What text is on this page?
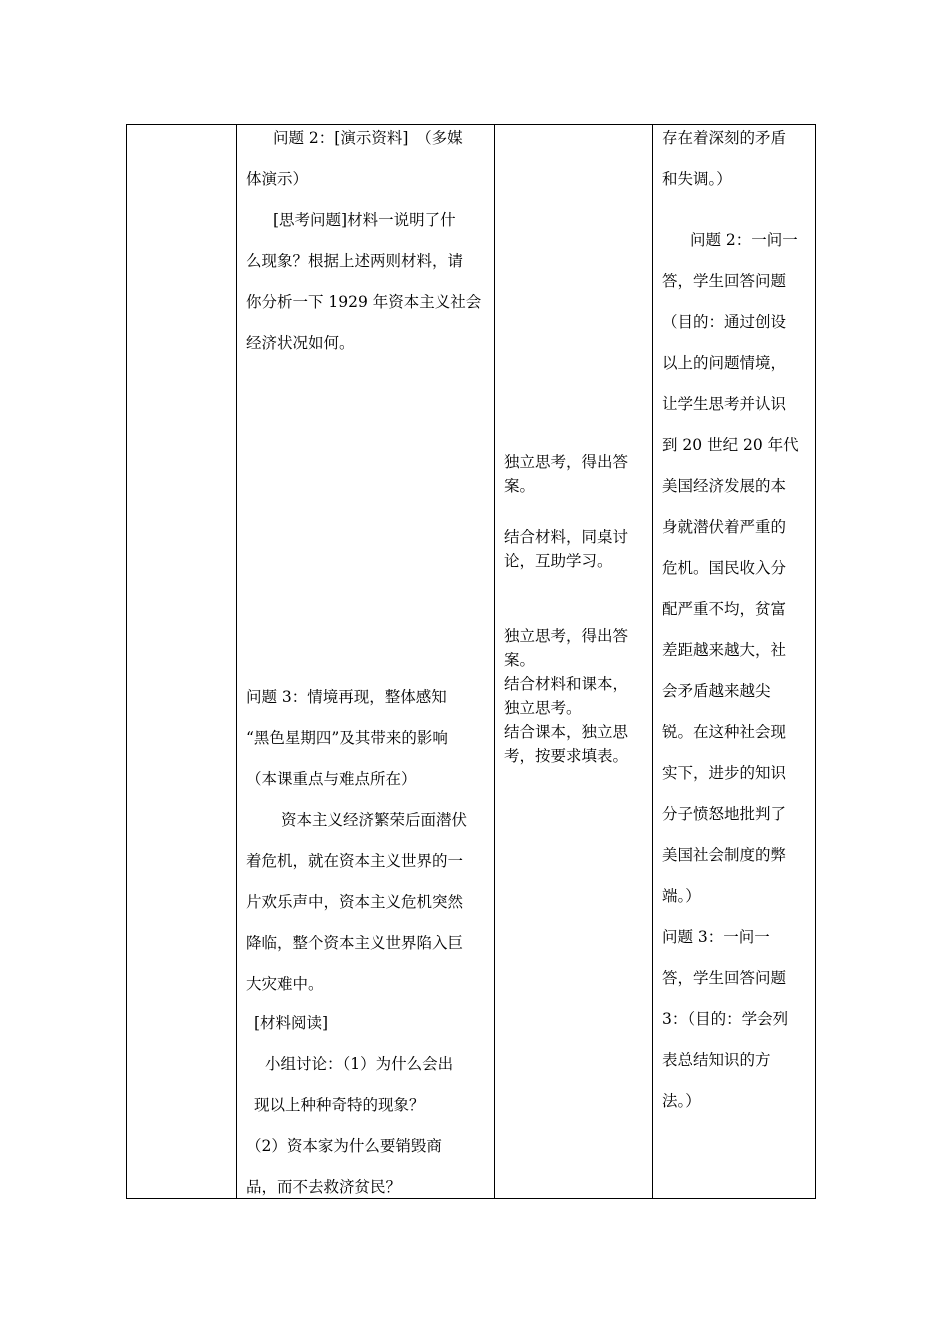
问题 2：[演示资料]　（多媒

体演示）

[思考问题]材料一说明了什

么现象？根据上述两则材料，请

你分析一下 1929 年资本主义社会

经济状况如何。

问题 3：情境再现，整体感知

“黑色星期四”及其带来的影响

（本课重点与难点所在）

资本主义经济繁荣后面潜伏

着危机，就在资本主义世界的一

片欢乐声中，资本主义危机突然

降临，整个资本主义世界陷入巨

大灾难中。

[材料阅读]

小组讨论：（1）为什么会出

现以上种种奇特的现象？

（2）资本家为什么要销毁商

品，而不去救济贫民？

独立思考，得出答

案。

结合材料，同桌讨

论，互助学习。

独立思考，得出答

案。

结合材料和课本，

独立思考。

结合课本，独立思

考，按要求填表。

存在着深刻的矛盾

和失调。）

问题 2：一问一

答，学生回答问题

（目的：通过创设

以上的问题情境，

让学生思考并认识

到 20 世纪 20 年代

美国经济发展的本

身就潜伏着严重的

危机。国民收入分

配严重不均，贫富

差距越来越大，社

会矛盾越来越尖

锐。在这种社会现

实下，进步的知识

分子愤怒地批判了

美国社会制度的弊

端。）

问题 3：一问一

答，学生回答问题

3：（目的：学会列

表总结知识的方

法。）
